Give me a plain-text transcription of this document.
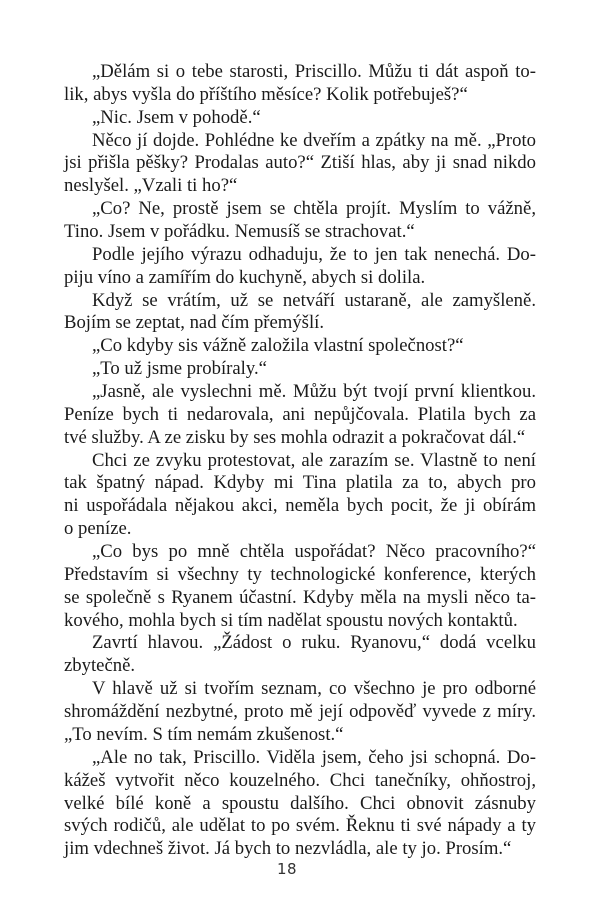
„Dělám si o tebe starosti, Priscillo. Můžu ti dát aspoň to-
lik, abys vyšla do příštího měsíce? Kolik potřebuješ?“
„Nic. Jsem v pohodě.“
Něco jí dojde. Pohlédne ke dveřím a zpátky na mě. „Proto
jsi přišla pěšky? Prodalas auto?“ Ztiší hlas, aby ji snad nikdo
neslyšel. „Vzali ti ho?“
„Co? Ne, prostě jsem se chtěla projít. Myslím to vážně,
Tino. Jsem v pořádku. Nemusíš se strachovat.“
Podle jejího výrazu odhaduju, že to jen tak nenechá. Do-
piju víno a zamířím do kuchyně, abych si dolila.
Když se vrátím, už se netváří ustaraně, ale zamyšleně.
Bojím se zeptat, nad čím přemýšlí.
„Co kdyby sis vážně založila vlastní společnost?“
„To už jsme probíraly.“
„Jasně, ale vyslechni mě. Můžu být tvojí první klientkou.
Peníze bych ti nedarovala, ani nepůjčovala. Platila bych za
tvé služby. A ze zisku by ses mohla odrazit a pokračovat dál.“
Chci ze zvyku protestovat, ale zarazím se. Vlastně to není
tak špatný nápad. Kdyby mi Tina platila za to, abych pro
ni uspořádala nějakou akci, neměla bych pocit, že ji obírám
o peníze.
„Co bys po mně chtěla uspořádat? Něco pracovního?“
Představím si všechny ty technologické konference, kterých
se společně s Ryanem účastní. Kdyby měla na mysli něco ta-
kového, mohla bych si tím nadělat spoustu nových kontaktů.
Zavrtí hlavou. „Žádost o ruku. Ryanovu,“ dodá vcelku
zbytečně.
V hlavě už si tvořím seznam, co všechno je pro odborné
shromáždění nezbytné, proto mě její odpověď vyvede z míry.
„To nevím. S tím nemám zkušenost.“
„Ale no tak, Priscillo. Viděla jsem, čeho jsi schopná. Do-
kážeš vytvořit něco kouzelného. Chci tanečníky, ohňostroj,
velké bílé koně a spoustu dalšího. Chci obnovit zásnuby
svých rodičů, ale udělat to po svém. Řeknu ti své nápady a ty
jim vdechneš život. Já bych to nezvládla, ale ty jo. Prosím.“
18
